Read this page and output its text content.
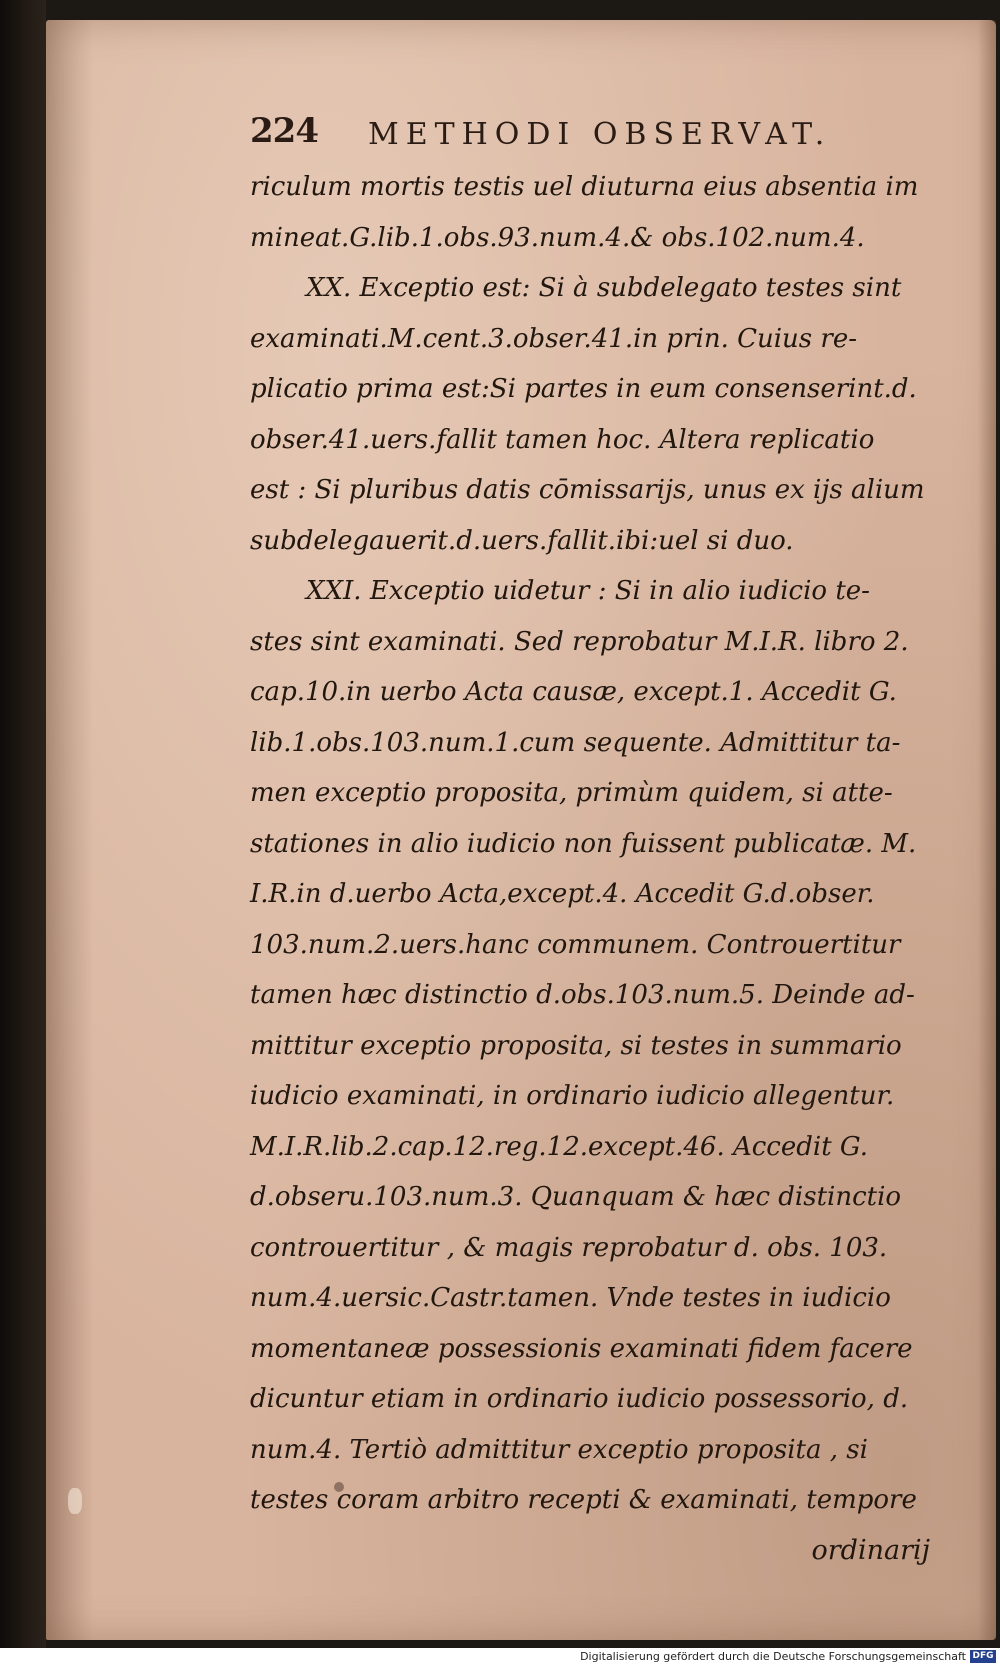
224 METHODI OBSERVAT.
riculum mortis testis uel diuturna eius absentia im
mineat.G.lib.1.obs.93.num.4.& obs.102.num.4.
XX. Exceptio est: Si à subdelegato testes sint
examinati.M.cent.3.obser.41.in prin. Cuius re-
plicatio prima est:Si partes in eum consenserint.d.
obser.41.uers.fallit tamen hoc. Altera replicatio
est : Si pluribus datis cōmissarijs, unus ex ijs alium
subdelegauerit.d.uers.fallit.ibi:uel si duo.
XXI. Exceptio uidetur : Si in alio iudicio te-
stes sint examinati. Sed reprobatur M.I.R. libro 2.
cap.10.in uerbo Acta causæ, except.1. Accedit G.
lib.1.obs.103.num.1.cum sequente. Admittitur ta-
men exceptio proposita, primùm quidem, si atte-
stationes in alio iudicio non fuissent publicatæ. M.
I.R.in d.uerbo Acta,except.4. Accedit G.d.obser.
103.num.2.uers.hanc communem. Controuertitur
tamen hæc distinctio d.obs.103.num.5. Deinde ad-
mittitur exceptio proposita, si testes in summario
iudicio examinati, in ordinario iudicio allegentur.
M.I.R.lib.2.cap.12.reg.12.except.46. Accedit G.
d.obseru.103.num.3. Quanquam & hæc distinctio
controuertitur , & magis reprobatur d. obs. 103.
num.4.uersic.Castr.tamen. Vnde testes in iudicio
momentaneæ possessionis examinati fidem facere
dicuntur etiam in ordinario iudicio possessorio, d.
num.4. Tertiò admittitur exceptio proposita , si
testes coram arbitro recepti & examinati, tempore
ordinarij
Digitalisierung gefördert durch die Deutsche Forschungsgemeinschaft DFG
